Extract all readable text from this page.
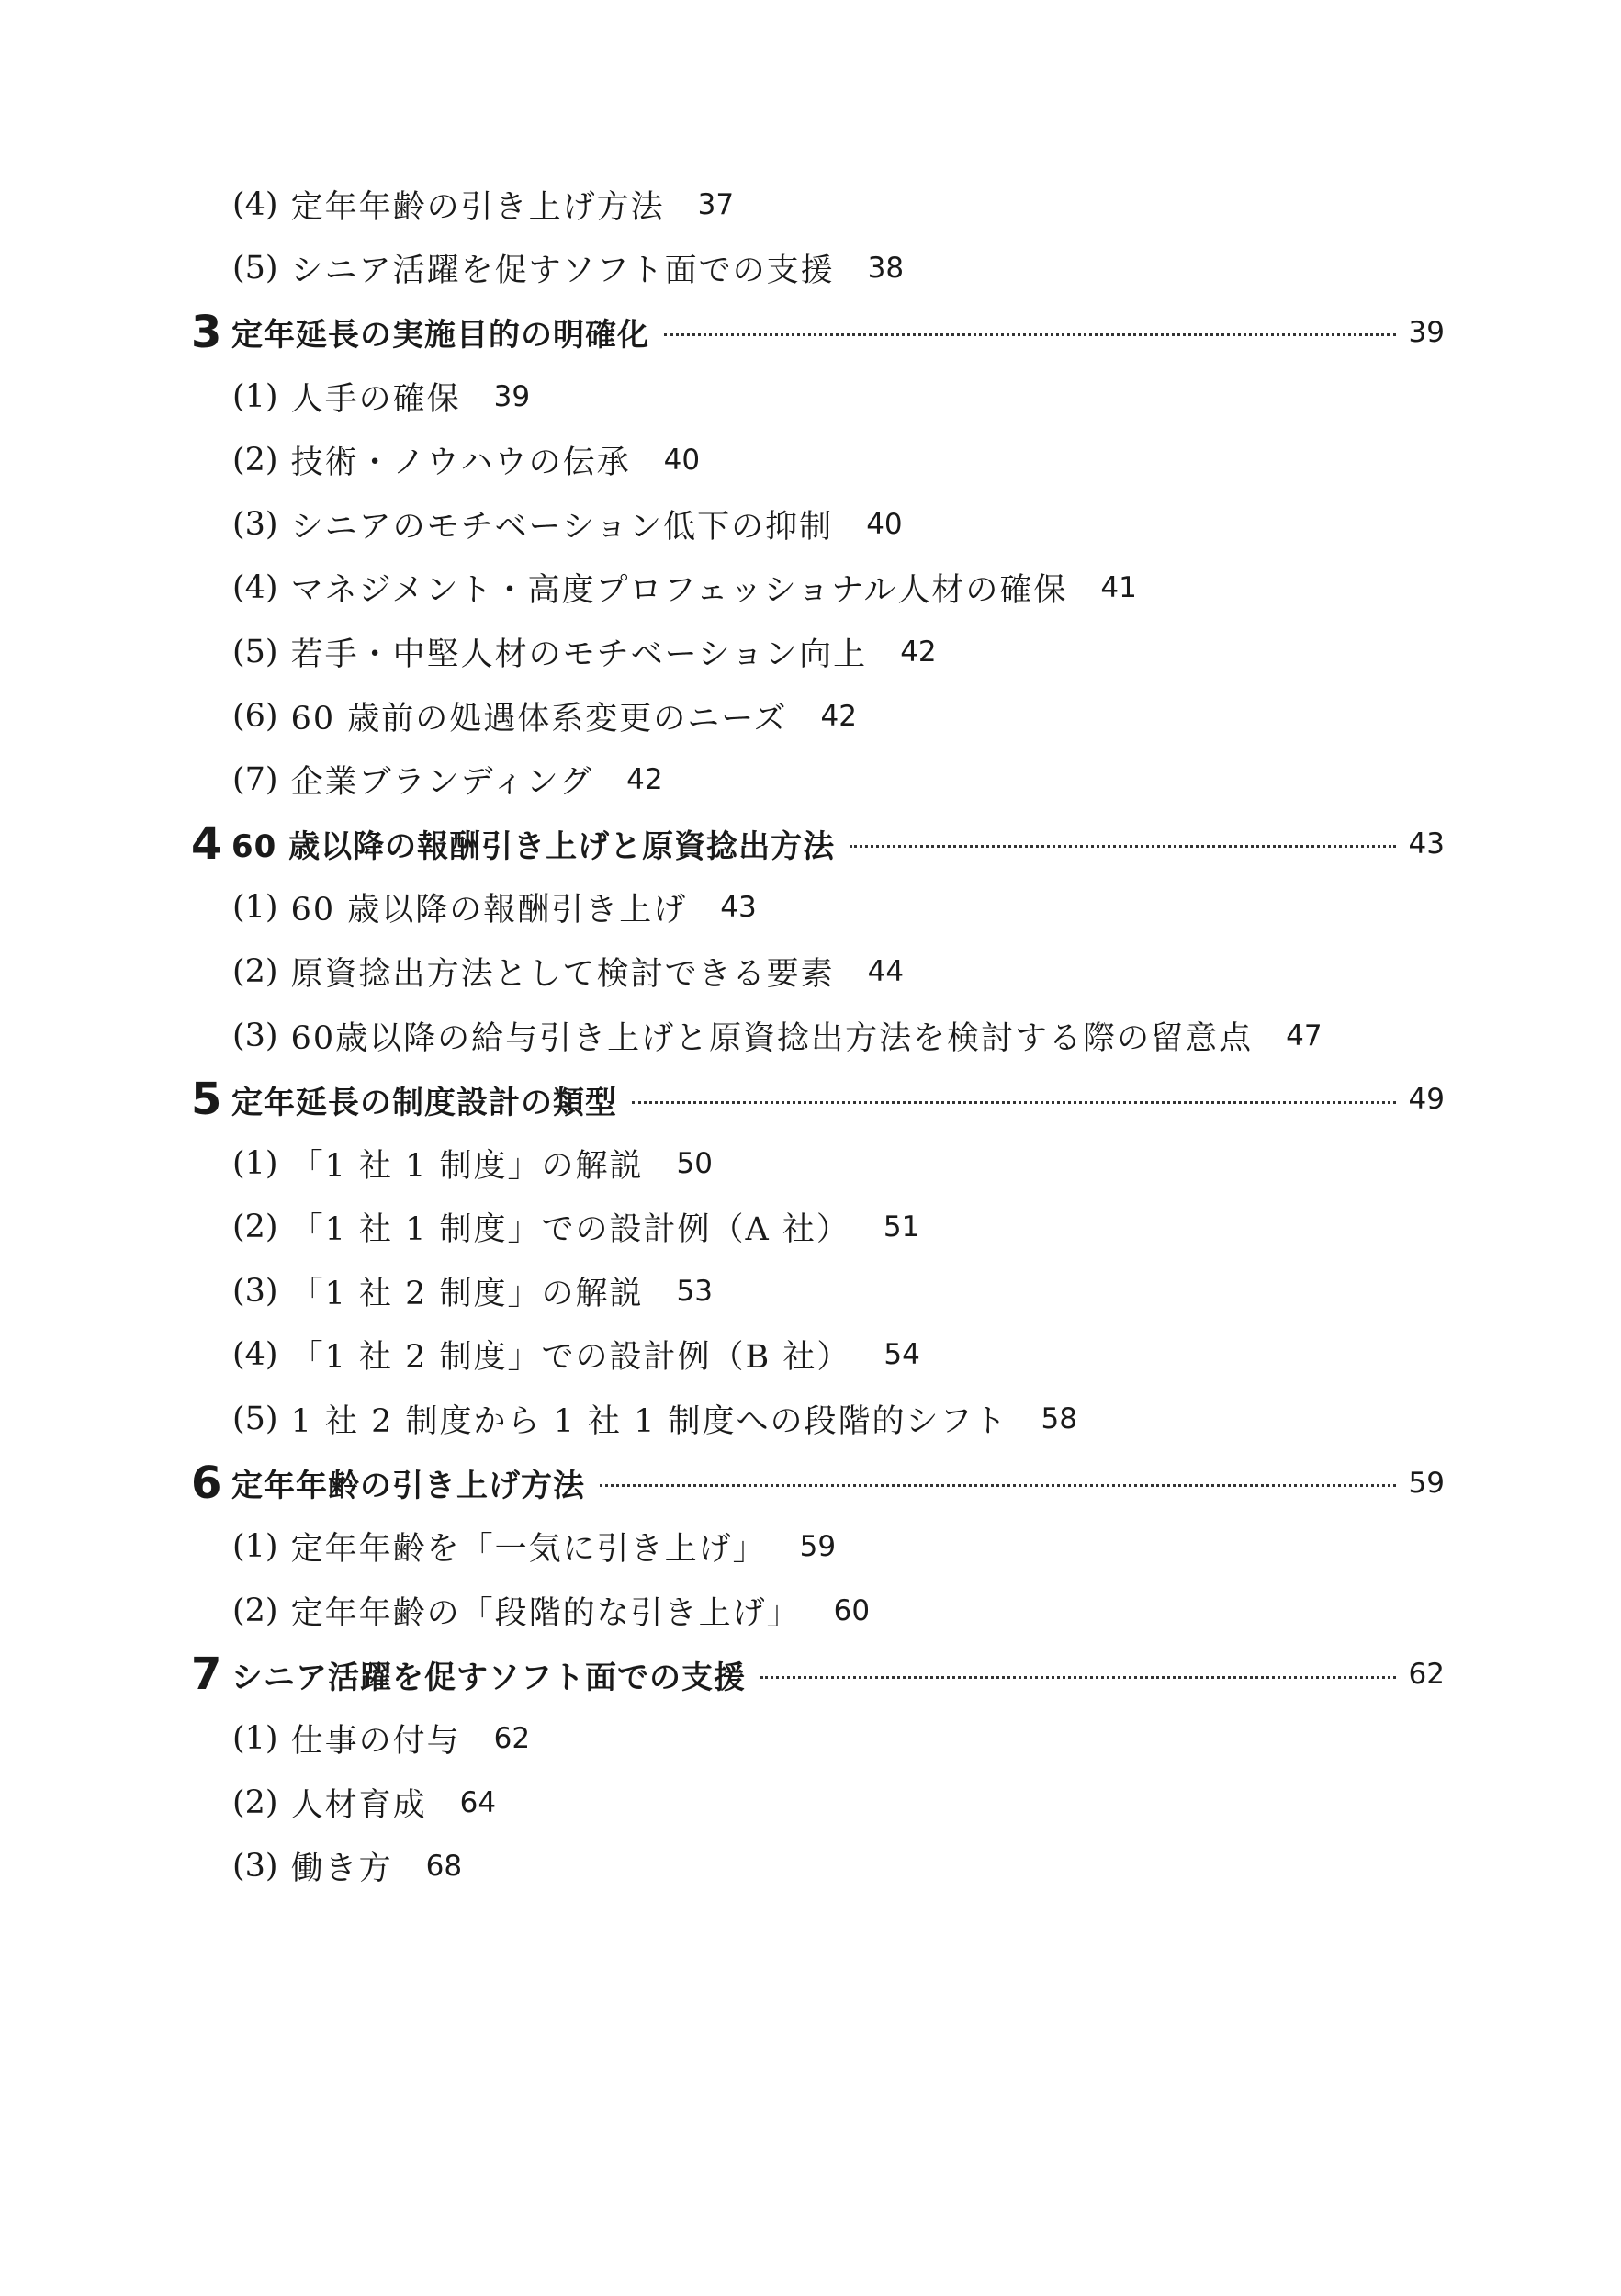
(4) 定年年齢の引き上げ方法 37
(5) シニア活躍を促すソフト面での支援 38
3 定年延長の実施目的の明確化	39
(1) 人手の確保 39
(2) 技術・ノウハウの伝承 40
(3) シニアのモチベーション低下の抑制 40
(4) マネジメント・高度プロフェッショナル人材の確保 41
(5) 若手・中堅人材のモチベーション向上 42
(6) 60 歳前の処遇体系変更のニーズ 42
(7) 企業ブランディング 42
4 60 歳以降の報酬引き上げと原資捻出方法	43
(1) 60 歳以降の報酬引き上げ 43
(2) 原資捻出方法として検討できる要素 44
(3) 60歳以降の給与引き上げと原資捻出方法を検討する際の留意点 47
5 定年延長の制度設計の類型	49
(1) 「1 社 1 制度」の解説 50
(2) 「1 社 1 制度」での設計例（A 社） 51
(3) 「1 社 2 制度」の解説 53
(4) 「1 社 2 制度」での設計例（B 社） 54
(5) 1 社 2 制度から 1 社 1 制度への段階的シフト 58
6 定年年齢の引き上げ方法	59
(1) 定年年齢を「一気に引き上げ」 59
(2) 定年年齢の「段階的な引き上げ」 60
7 シニア活躍を促すソフト面での支援	62
(1) 仕事の付与 62
(2) 人材育成 64
(3) 働き方 68
